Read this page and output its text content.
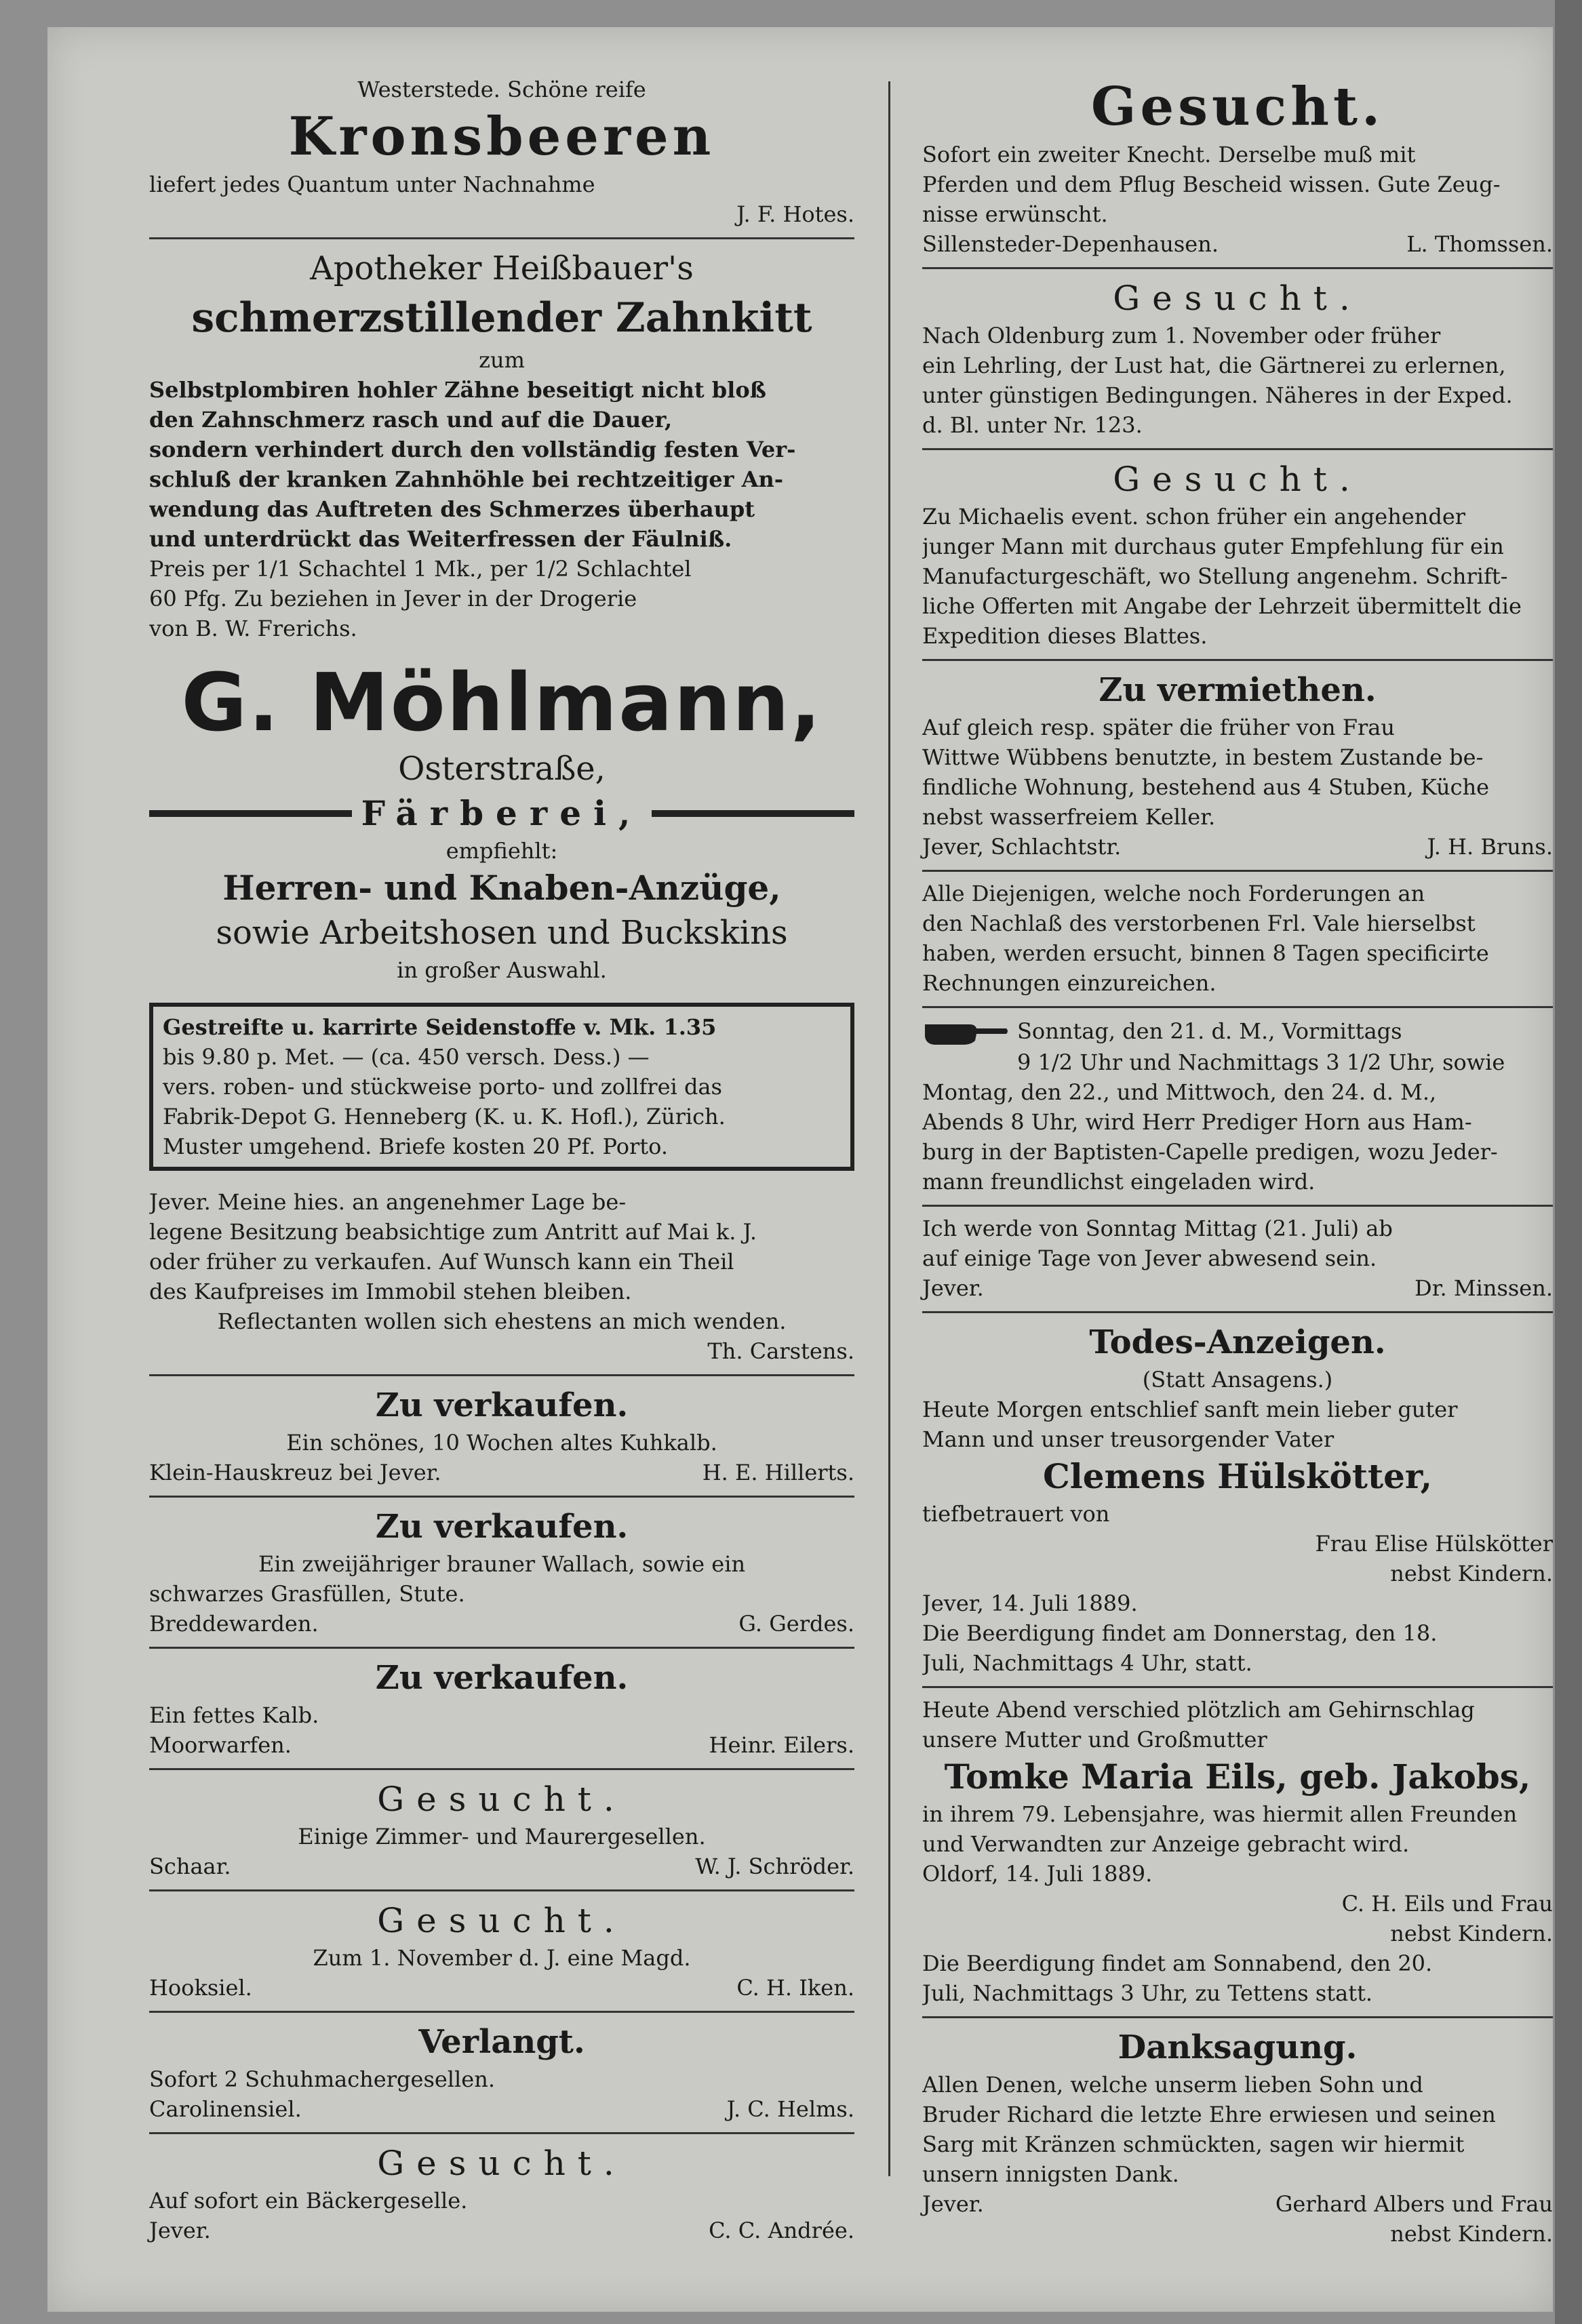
Westerstede. Schöne reife

Kronsbeeren

liefert jedes Quantum unter Nachnahme

J. F. Hotes.

Apotheker Heißbauer's
schmerzstillender Zahnkitt

zum

Selbstplombiren hohler Zähne beseitigt nicht bloß

den Zahnschmerz rasch und auf die Dauer,

sondern verhindert durch den vollständig festen Ver-

schluß der kranken Zahnhöhle bei rechtzeitiger An-

wendung das Auftreten des Schmerzes überhaupt

und unterdrückt das Weiterfressen der Fäulniß.

Preis per 1/1 Schachtel 1 Mk., per 1/2 Schlachtel

60 Pfg. Zu beziehen in Jever in der Drogerie

von B. W. Frerichs.

G. Möhlmann,
Osterstraße,
Färberei,

empfiehlt:

Herren- und Knaben-Anzüge,
sowie Arbeitshosen und Buckskins

in großer Auswahl.

Gestreifte u. karrirte Seidenstoffe v. Mk. 1.35

bis 9.80 p. Met. — (ca. 450 versch. Dess.) —

vers. roben- und stückweise porto- und zollfrei das

Fabrik-Depot G. Henneberg (K. u. K. Hofl.), Zürich.

Muster umgehend. Briefe kosten 20 Pf. Porto.

Jever. Meine hies. an angenehmer Lage be-

legene Besitzung beabsichtige zum Antritt auf Mai k. J.

oder früher zu verkaufen. Auf Wunsch kann ein Theil

des Kaufpreises im Immobil stehen bleiben.

Reflectanten wollen sich ehestens an mich wenden.

Th. Carstens.

Zu verkaufen.

Ein schönes, 10 Wochen altes Kuhkalb.

Klein-Hauskreuz bei Jever.	H. E. Hillerts.
Zu verkaufen.

Ein zweijähriger brauner Wallach, sowie ein

schwarzes Grasfüllen, Stute.

Breddewarden.	G. Gerdes.
Zu verkaufen.

Ein fettes Kalb.

Moorwarfen.	Heinr. Eilers.
Gesucht.

Einige Zimmer- und Maurergesellen.

Schaar.	W. J. Schröder.
Gesucht.

Zum 1. November d. J. eine Magd.

Hooksiel.	C. H. Iken.
Verlangt.

Sofort 2 Schuhmachergesellen.

Carolinensiel.	J. C. Helms.
Gesucht.

Auf sofort ein Bäckergeselle.

Jever.	C. C. Andrée.
Gesucht.

Sofort ein zweiter Knecht. Derselbe muß mit

Pferden und dem Pflug Bescheid wissen. Gute Zeug-

nisse erwünscht.

Sillensteder-Depenhausen.	L. Thomssen.
Gesucht.

Nach Oldenburg zum 1. November oder früher

ein Lehrling, der Lust hat, die Gärtnerei zu erlernen,

unter günstigen Bedingungen. Näheres in der Exped.

d. Bl. unter Nr. 123.

Gesucht.

Zu Michaelis event. schon früher ein angehender

junger Mann mit durchaus guter Empfehlung für ein

Manufacturgeschäft, wo Stellung angenehm. Schrift-

liche Offerten mit Angabe der Lehrzeit übermittelt die

Expedition dieses Blattes.

Zu vermiethen.

Auf gleich resp. später die früher von Frau

Wittwe Wübbens benutzte, in bestem Zustande be-

findliche Wohnung, bestehend aus 4 Stuben, Küche

nebst wasserfreiem Keller.

Jever, Schlachtstr.	J. H. Bruns.

Alle Diejenigen, welche noch Forderungen an

den Nachlaß des verstorbenen Frl. Vale hierselbst

haben, werden ersucht, binnen 8 Tagen specificirte

Rechnungen einzureichen.

Sonntag, den 21. d. M., Vormittags

9 1/2 Uhr und Nachmittags 3 1/2 Uhr, sowie

Montag, den 22., und Mittwoch, den 24. d. M.,

Abends 8 Uhr, wird Herr Prediger Horn aus Ham-

burg in der Baptisten-Capelle predigen, wozu Jeder-

mann freundlichst eingeladen wird.

Ich werde von Sonntag Mittag (21. Juli) ab

auf einige Tage von Jever abwesend sein.

Jever.	Dr. Minssen.
Todes-Anzeigen.

(Statt Ansagens.)

Heute Morgen entschlief sanft mein lieber guter

Mann und unser treusorgender Vater

Clemens Hülskötter,

tiefbetrauert von

Frau Elise Hülskötter

nebst Kindern.

Jever, 14. Juli 1889.

Die Beerdigung findet am Donnerstag, den 18.

Juli, Nachmittags 4 Uhr, statt.

Heute Abend verschied plötzlich am Gehirnschlag

unsere Mutter und Großmutter

Tomke Maria Eils, geb. Jakobs,

in ihrem 79. Lebensjahre, was hiermit allen Freunden

und Verwandten zur Anzeige gebracht wird.

Oldorf, 14. Juli 1889.

C. H. Eils und Frau

nebst Kindern.

Die Beerdigung findet am Sonnabend, den 20.

Juli, Nachmittags 3 Uhr, zu Tettens statt.

Danksagung.

Allen Denen, welche unserm lieben Sohn und

Bruder Richard die letzte Ehre erwiesen und seinen

Sarg mit Kränzen schmückten, sagen wir hiermit

unsern innigsten Dank.

Jever.	Gerhard Albers und Frau

nebst Kindern.
